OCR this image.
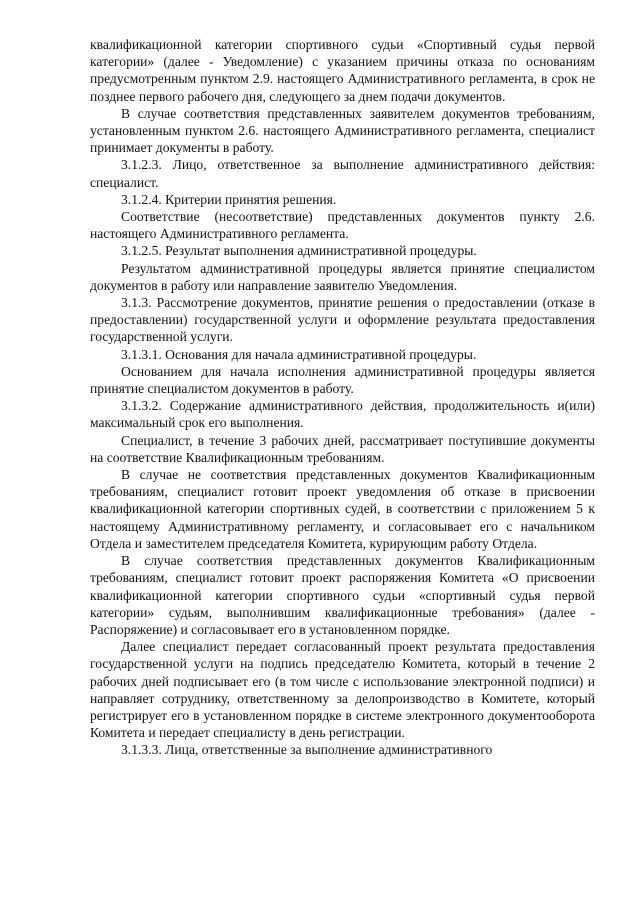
квалификационной категории спортивного судьи «Спортивный судья первой категории» (далее - Уведомление) с указанием причины отказа по основаниям предусмотренным пунктом 2.9. настоящего Административного регламента, в срок не позднее первого рабочего дня, следующего за днем подачи документов.

В случае соответствия представленных заявителем документов требованиям, установленным пунктом 2.6. настоящего Административного регламента, специалист принимает документы в работу.

3.1.2.3. Лицо, ответственное за выполнение административного действия: специалист.

3.1.2.4. Критерии принятия решения.

Соответствие (несоответствие) представленных документов пункту 2.6. настоящего Административного регламента.

3.1.2.5. Результат выполнения административной процедуры.

Результатом административной процедуры является принятие специалистом документов в работу или направление заявителю Уведомления.

3.1.3. Рассмотрение документов, принятие решения о предоставлении (отказе в предоставлении) государственной услуги и оформление результата предоставления государственной услуги.

3.1.3.1. Основания для начала административной процедуры.

Основанием для начала исполнения административной процедуры является принятие специалистом документов в работу.

3.1.3.2. Содержание административного действия, продолжительность и(или) максимальный срок его выполнения.

Специалист, в течение 3 рабочих дней, рассматривает поступившие документы на соответствие Квалификационным требованиям.

В случае не соответствия представленных документов Квалификационным требованиям, специалист готовит проект уведомления об отказе в присвоении квалификационной категории спортивных судей, в соответствии с приложением 5 к настоящему Административному регламенту, и согласовывает его с начальником Отдела и заместителем председателя Комитета, курирующим работу Отдела.

В случае соответствия представленных документов Квалификационным требованиям, специалист готовит проект распоряжения Комитета «О присвоении квалификационной категории спортивного судьи «спортивный судья первой категории» судьям, выполнившим квалификационные требования» (далее - Распоряжение) и согласовывает его в установленном порядке.

Далее специалист передает согласованный проект результата предоставления государственной услуги на подпись председателю Комитета, который в течение 2 рабочих дней подписывает его (в том числе с использование электронной подписи) и направляет сотруднику, ответственному за делопроизводство в Комитете, который регистрирует его в установленном порядке в системе электронного документооборота Комитета и передает специалисту в день регистрации.

3.1.3.3. Лица, ответственные за выполнение административного
